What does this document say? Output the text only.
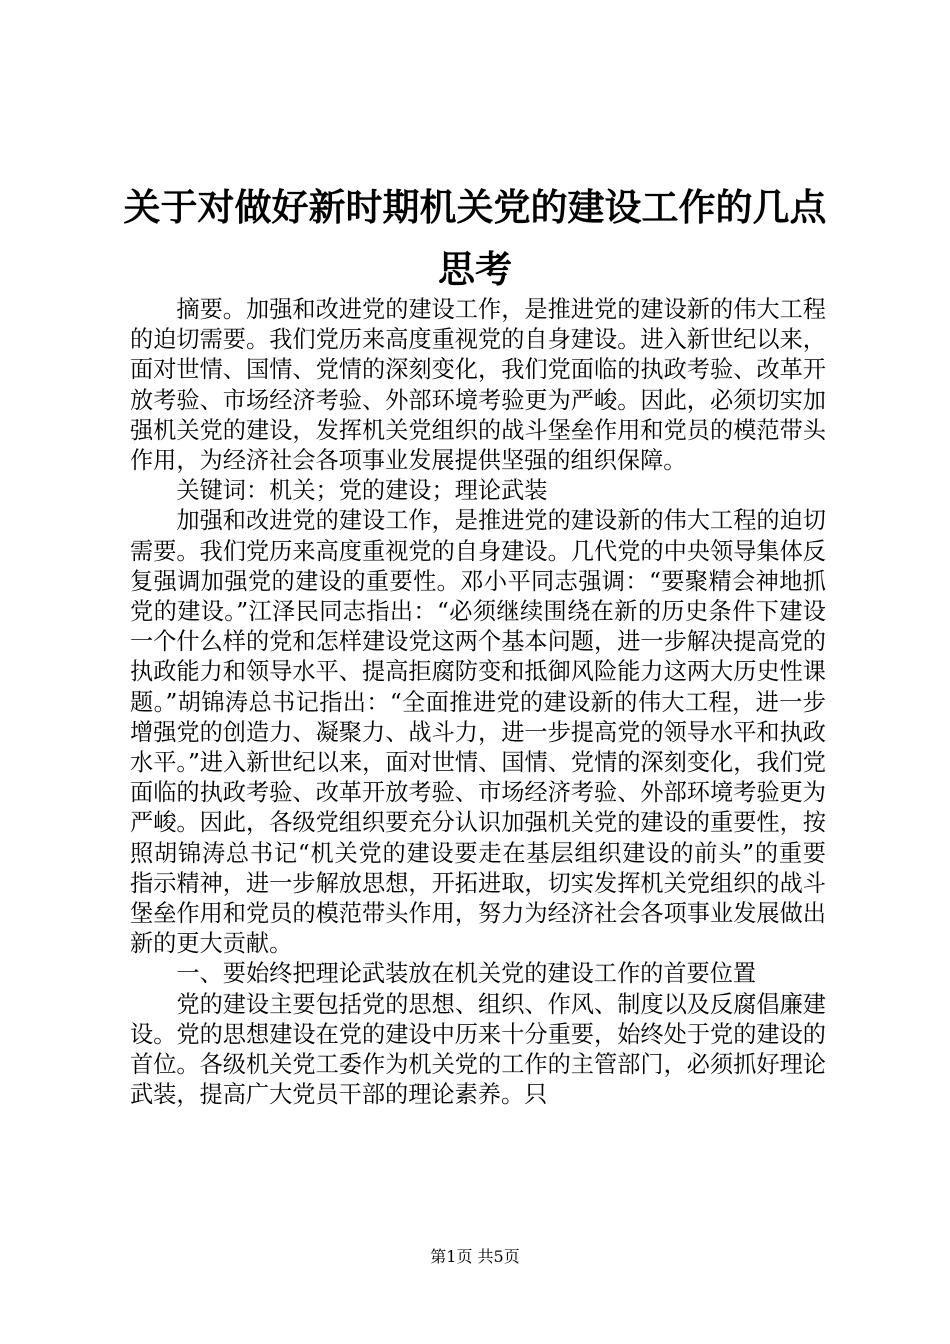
关于对做好新时期机关党的建设工作的几点思考

摘要。加强和改进党的建设工作，是推进党的建设新的伟大工程的迫切需要。我们党历来高度重视党的自身建设。进入新世纪以来，面对世情、国情、党情的深刻变化，我们党面临的执政考验、改革开放考验、市场经济考验、外部环境考验更为严峻。因此，必须切实加强机关党的建设，发挥机关党组织的战斗堡垒作用和党员的模范带头作用，为经济社会各项事业发展提供坚强的组织保障。

关键词：机关；党的建设；理论武装

加强和改进党的建设工作，是推进党的建设新的伟大工程的迫切需要。我们党历来高度重视党的自身建设。几代党的中央领导集体反复强调加强党的建设的重要性。邓小平同志强调：“要聚精会神地抓党的建设。”江泽民同志指出：“必须继续围绕在新的历史条件下建设一个什么样的党和怎样建设党这两个基本问题，进一步解决提高党的执政能力和领导水平、提高拒腐防变和抵御风险能力这两大历史性课题。”胡锦涛总书记指出：“全面推进党的建设新的伟大工程，进一步增强党的创造力、凝聚力、战斗力，进一步提高党的领导水平和执政水平。”进入新世纪以来，面对世情、国情、党情的深刻变化，我们党面临的执政考验、改革开放考验、市场经济考验、外部环境考验更为严峻。因此，各级党组织要充分认识加强机关党的建设的重要性，按照胡锦涛总书记“机关党的建设要走在基层组织建设的前头”的重要指示精神，进一步解放思想，开拓进取，切实发挥机关党组织的战斗堡垒作用和党员的模范带头作用，努力为经济社会各项事业发展做出新的更大贡献。

一、要始终把理论武装放在机关党的建设工作的首要位置

党的建设主要包括党的思想、组织、作风、制度以及反腐倡廉建设。党的思想建设在党的建设中历来十分重要，始终处于党的建设的首位。各级机关党工委作为机关党的工作的主管部门，必须抓好理论武装，提高广大党员干部的理论素养。只

第1页 共5页
